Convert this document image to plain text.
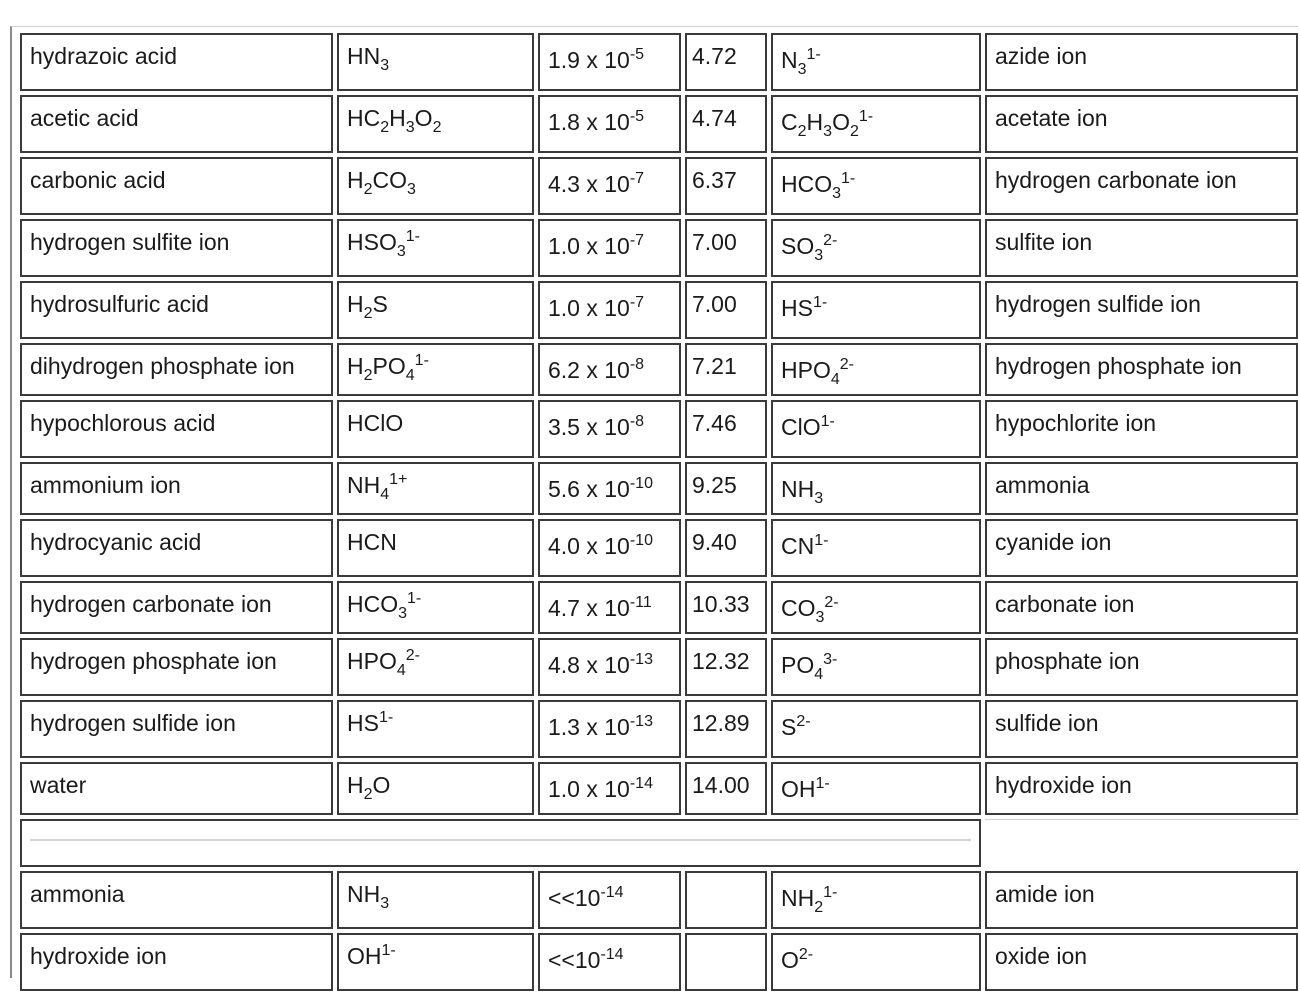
hydrazoic acid	$HN_3$	1.9 x $10^{-5}$	4.72	$N_3^{1-}$	azide ion
acetic acid	$HC_2H_3O_2$	1.8 x $10^{-5}$	4.74	$C_2H_3O_2^{1-}$	acetate ion
carbonic acid	$H_2CO_3$	4.3 x $10^{-7}$	6.37	$HCO_3^{1-}$	hydrogen carbonate ion
hydrogen sulfite ion	$HSO_3^{1-}$	1.0 x $10^{-7}$	7.00	$SO_3^{2-}$	sulfite ion
hydrosulfuric acid	$H_2S$	1.0 x $10^{-7}$	7.00	$HS^{1-}$	hydrogen sulfide ion
dihydrogen phosphate ion	$H_2PO_4^{1-}$	6.2 x $10^{-8}$	7.21	$HPO_4^{2-}$	hydrogen phosphate ion
hypochlorous acid	HClO	3.5 x $10^{-8}$	7.46	ClO$^{1-}$	hypochlorite ion
ammonium ion	$NH_4^{1+}$	5.6 x $10^{-10}$	9.25	$NH_3$	ammonia
hydrocyanic acid	HCN	4.0 x $10^{-10}$	9.40	$CN^{1-}$	cyanide ion
hydrogen carbonate ion	$HCO_3^{1-}$	4.7 x $10^{-11}$	10.33	$CO_3^{2-}$	carbonate ion
hydrogen phosphate ion	$HPO_4^{2-}$	4.8 x $10^{-13}$	12.32	$PO_4^{3-}$	phosphate ion
hydrogen sulfide ion	$HS^{1-}$	1.3 x $10^{-13}$	12.89	$S^{2-}$	sulfide ion
water	$H_2O$	1.0 x $10^{-14}$	14.00	$OH^{1-}$	hydroxide ion

ammonia	$NH_3$	$<<10^{-14}$		$NH_2^{1-}$	amide ion
hydroxide ion	$OH^{1-}$	$<<10^{-14}$		$O^{2-}$	oxide ion
